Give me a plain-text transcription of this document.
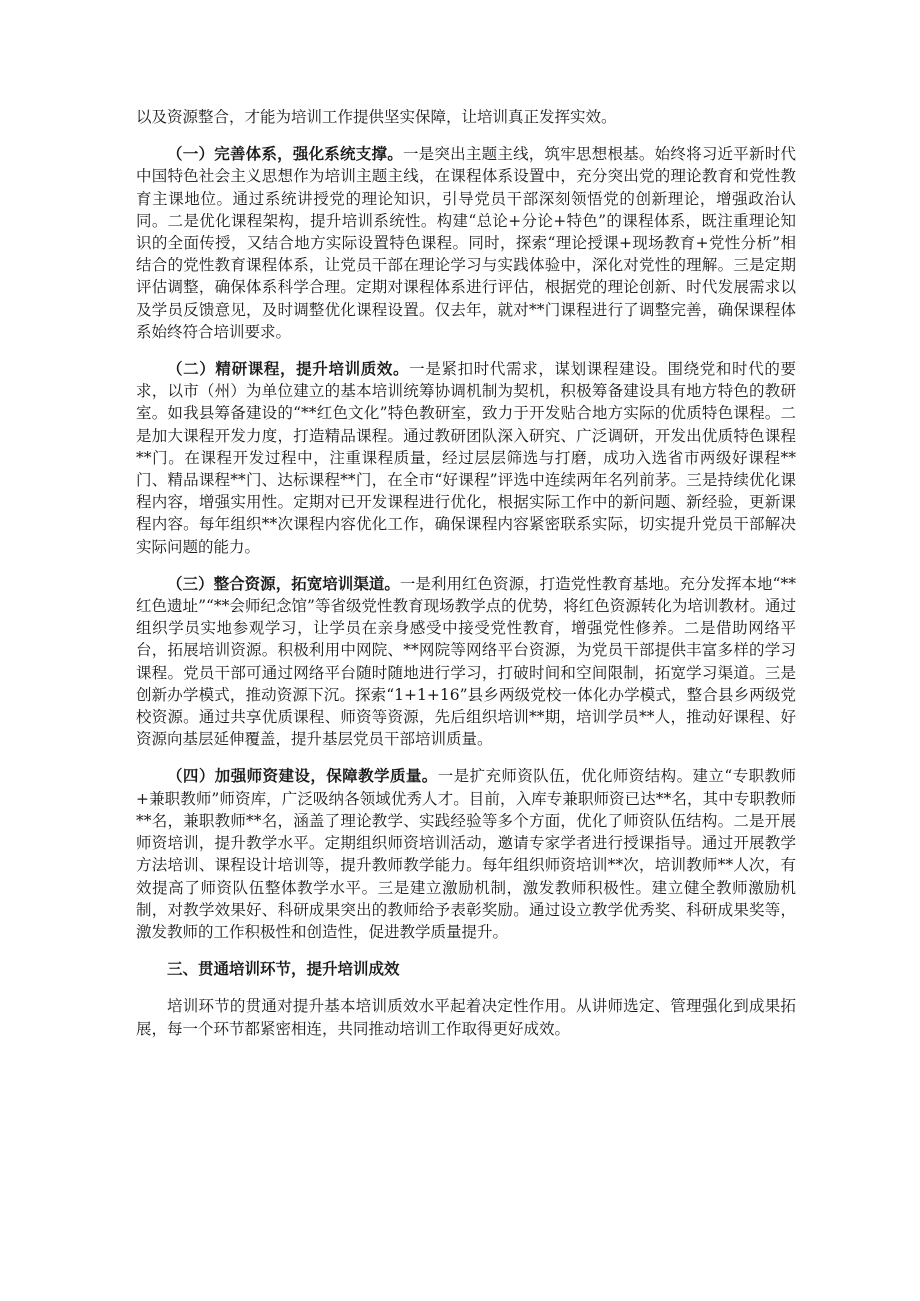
以及资源整合，才能为培训工作提供坚实保障，让培训真正发挥实效。

（一）完善体系，强化系统支撑。一是突出主题主线，筑牢思想根基。始终将习近平新时代中国特色社会主义思想作为培训主题主线，在课程体系设置中，充分突出党的理论教育和党性教育主课地位。通过系统讲授党的理论知识，引导党员干部深刻领悟党的创新理论，增强政治认同。二是优化课程架构，提升培训系统性。构建“总论+分论+特色”的课程体系，既注重理论知识的全面传授，又结合地方实际设置特色课程。同时，探索“理论授课+现场教育+党性分析”相结合的党性教育课程体系，让党员干部在理论学习与实践体验中，深化对党性的理解。三是定期评估调整，确保体系科学合理。定期对课程体系进行评估，根据党的理论创新、时代发展需求以及学员反馈意见，及时调整优化课程设置。仅去年，就对**门课程进行了调整完善，确保课程体系始终符合培训要求。

（二）精研课程，提升培训质效。一是紧扣时代需求，谋划课程建设。围绕党和时代的要求，以市（州）为单位建立的基本培训统筹协调机制为契机，积极筹备建设具有地方特色的教研室。如我县筹备建设的“**红色文化”特色教研室，致力于开发贴合地方实际的优质特色课程。二是加大课程开发力度，打造精品课程。通过教研团队深入研究、广泛调研，开发出优质特色课程**门。在课程开发过程中，注重课程质量，经过层层筛选与打磨，成功入选省市两级好课程**门、精品课程**门、达标课程**门，在全市“好课程”评选中连续两年名列前茅。三是持续优化课程内容，增强实用性。定期对已开发课程进行优化，根据实际工作中的新问题、新经验，更新课程内容。每年组织**次课程内容优化工作，确保课程内容紧密联系实际，切实提升党员干部解决实际问题的能力。

（三）整合资源，拓宽培训渠道。一是利用红色资源，打造党性教育基地。充分发挥本地“**红色遗址”“**会师纪念馆”等省级党性教育现场教学点的优势，将红色资源转化为培训教材。通过组织学员实地参观学习，让学员在亲身感受中接受党性教育，增强党性修养。二是借助网络平台，拓展培训资源。积极利用中网院、**网院等网络平台资源，为党员干部提供丰富多样的学习课程。党员干部可通过网络平台随时随地进行学习，打破时间和空间限制，拓宽学习渠道。三是创新办学模式，推动资源下沉。探索“1+1+16”县乡两级党校一体化办学模式，整合县乡两级党校资源。通过共享优质课程、师资等资源，先后组织培训**期，培训学员**人，推动好课程、好资源向基层延伸覆盖，提升基层党员干部培训质量。

（四）加强师资建设，保障教学质量。一是扩充师资队伍，优化师资结构。建立“专职教师+兼职教师”师资库，广泛吸纳各领域优秀人才。目前，入库专兼职师资已达**名，其中专职教师**名，兼职教师**名，涵盖了理论教学、实践经验等多个方面，优化了师资队伍结构。二是开展师资培训，提升教学水平。定期组织师资培训活动，邀请专家学者进行授课指导。通过开展教学方法培训、课程设计培训等，提升教师教学能力。每年组织师资培训**次，培训教师**人次，有效提高了师资队伍整体教学水平。三是建立激励机制，激发教师积极性。建立健全教师激励机制，对教学效果好、科研成果突出的教师给予表彰奖励。通过设立教学优秀奖、科研成果奖等，激发教师的工作积极性和创造性，促进教学质量提升。

三、贯通培训环节，提升培训成效

培训环节的贯通对提升基本培训质效水平起着决定性作用。从讲师选定、管理强化到成果拓展，每一个环节都紧密相连，共同推动培训工作取得更好成效。
